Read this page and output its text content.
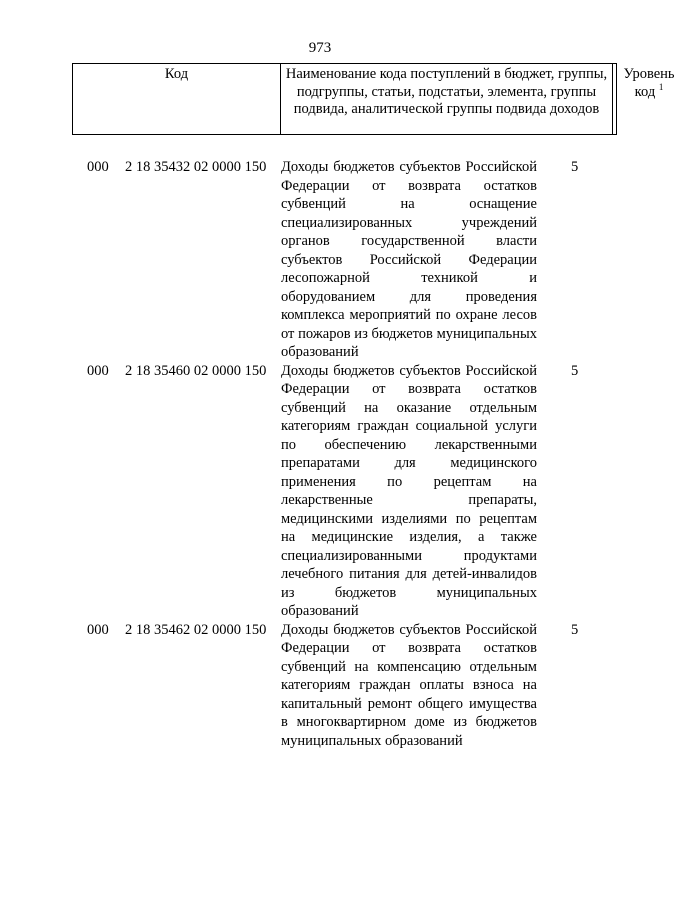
973
Код	Наименование кода поступлений в бюджет, группы, подгруппы, статьи, подстатьи, элемента, группы подвида, аналитической группы подвида доходов
Уровень код $^1$
000 2 18 35432 02 0000 150 Доходы бюджетов субъектов Российской Федерации от возврата остатков субвенций на оснащение специализированных учреждений органов государственной власти субъектов Российской Федерации лесопожарной техникой и оборудованием для проведения комплекса мероприятий по охране лесов от пожаров из бюджетов муниципальных образований
5
000 2 18 35460 02 0000 150 Доходы бюджетов субъектов Российской Федерации от возврата остатков субвенций на оказание отдельным категориям граждан социальной услуги по обеспечению лекарственными препаратами для медицинского применения по рецептам на лекарственные препараты, медицинскими изделиями по рецептам на медицинские изделия, а также специализированными продуктами лечебного питания для детей-инвалидов из бюджетов муниципальных образований
5
000 2 18 35462 02 0000 150 Доходы бюджетов субъектов Российской Федерации от возврата остатков субвенций на компенсацию отдельным категориям граждан оплаты взноса на капитальный ремонт общего имущества в многоквартирном доме из бюджетов муниципальных образований
5
